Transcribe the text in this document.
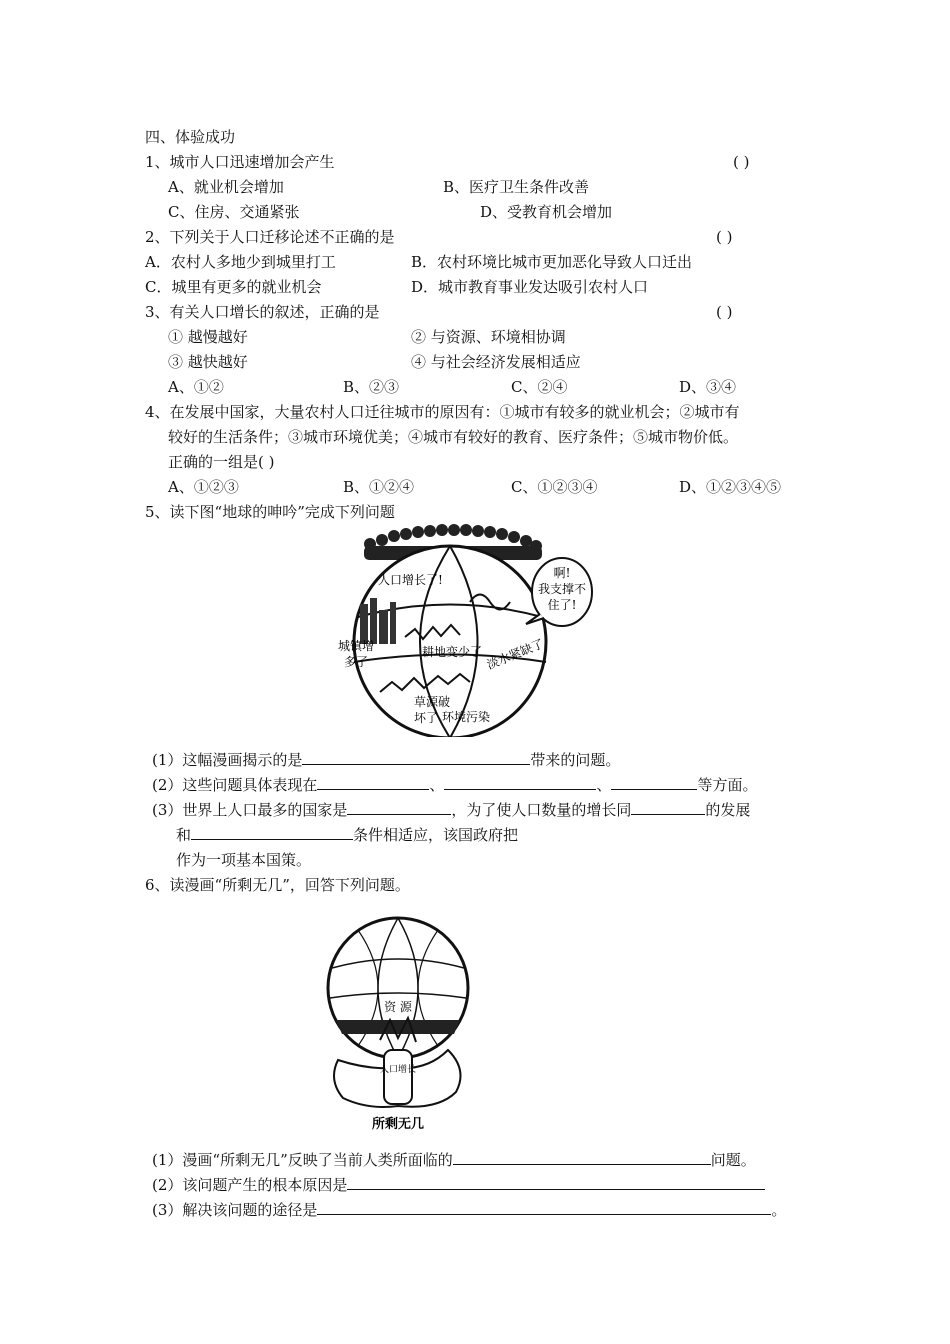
四、体验成功
1、城市人口迅速增加会产生	( )
A、就业机会增加	B、医疗卫生条件改善
C、住房、交通紧张	D、受教育机会增加
2、下列关于人口迁移论述不正确的是	( )
A．农村人多地少到城里打工	B．农村环境比城市更加恶化导致人口迁出
C．城里有更多的就业机会	D．城市教育事业发达吸引农村人口
3、有关人口增长的叙述，正确的是	( )
① 越慢越好	② 与资源、环境相协调
③ 越快越好	④ 与社会经济发展相适应
A、①②	B、②③	C、②④	D、③④
4、在发展中国家，大量农村人口迁往城市的原因有：①城市有较多的就业机会；②城市有
较好的生活条件；③城市环境优美；④城市有较好的教育、医疗条件；⑤城市物价低。
正确的一组是( )
A、①②③	B、①②④	C、①②③④	D、①②③④⑤
5、读下图“地球的呻吟”完成下列问题
啊!
我支撑不
住了!
人口增长了!
城镇增
多了
耕地变少了 淡水紧缺了
草源破
坏了 环境污染
(1）这幅漫画揭示的是	带来的问题。
(2）这些问题具体表现在	、	、	等方面。
(3）世界上人口最多的国家是	，为了使人口数量的增长同	的发展
和	条件相适应，该国政府把
作为一项基本国策。
6、读漫画“所剩无几”，回答下列问题。
资 源
人口增长
所剩无几
(1）漫画“所剩无几”反映了当前人类所面临的	问题。
(2）该问题产生的根本原因是
(3）解决该问题的途径是	。
